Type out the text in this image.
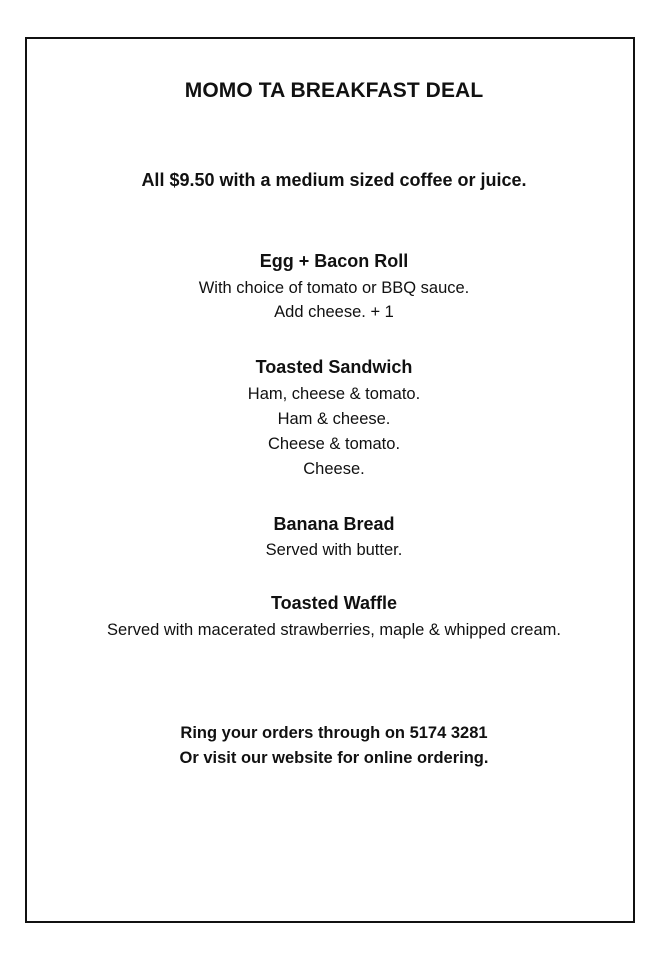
MOMO TA BREAKFAST DEAL
All $9.50 with a medium sized coffee or juice.
Egg + Bacon Roll
With choice of tomato or BBQ sauce.
Add cheese. + 1
Toasted Sandwich
Ham, cheese & tomato.
Ham & cheese.
Cheese & tomato.
Cheese.
Banana Bread
Served with butter.
Toasted Waffle
Served with macerated strawberries, maple & whipped cream.
Ring your orders through on 5174 3281
Or visit our website for online ordering.
